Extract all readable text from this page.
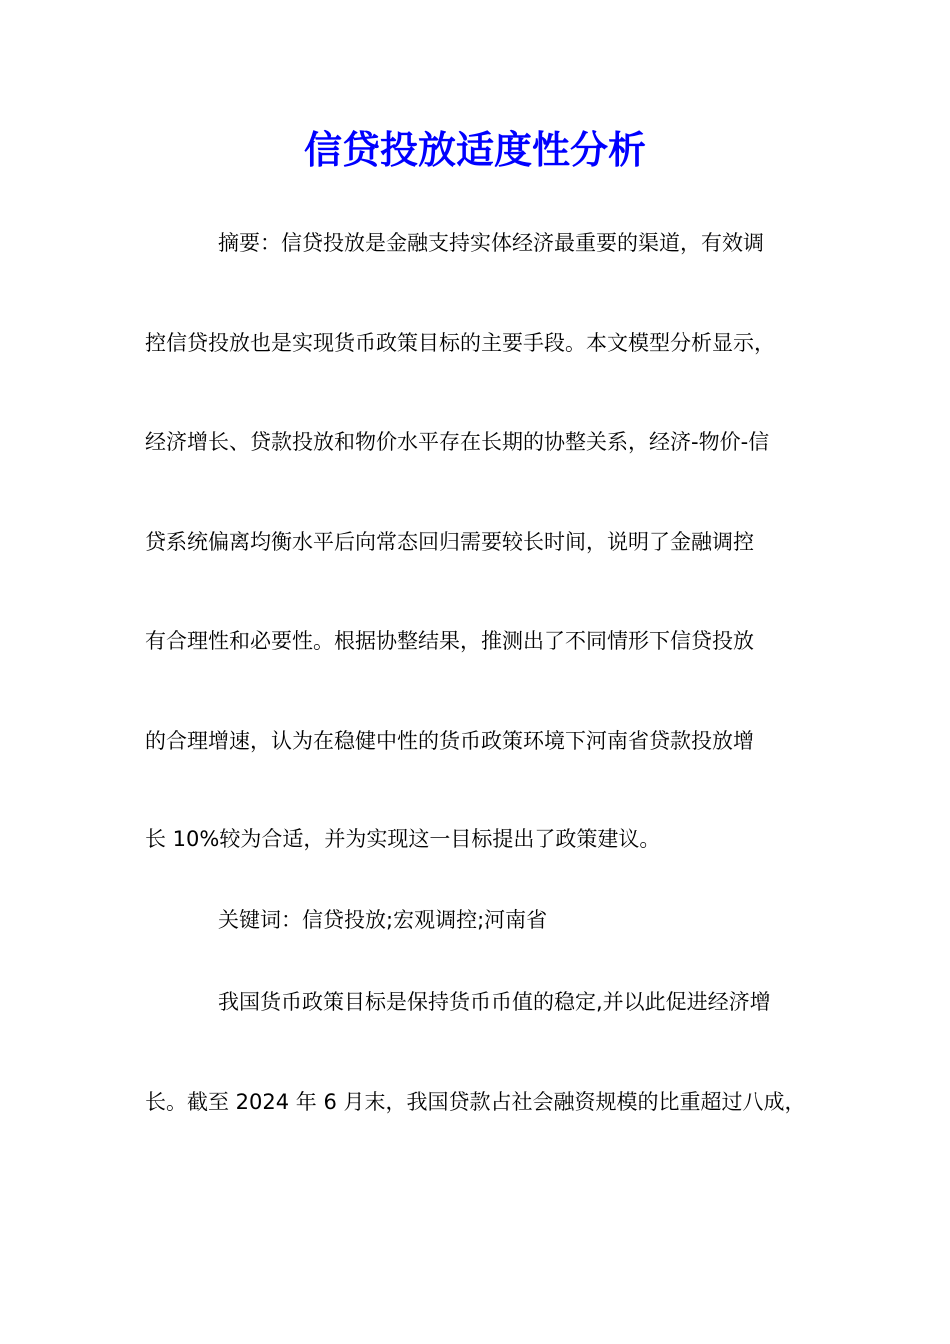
信贷投放适度性分析
摘要：信贷投放是金融支持实体经济最重要的渠道，有效调
控信贷投放也是实现货币政策目标的主要手段。本文模型分析显示，
经济增长、贷款投放和物价水平存在长期的协整关系，经济-物价-信
贷系统偏离均衡水平后向常态回归需要较长时间，说明了金融调控
有合理性和必要性。根据协整结果，推测出了不同情形下信贷投放
的合理增速，认为在稳健中性的货币政策环境下河南省贷款投放增
长 10%较为合适，并为实现这一目标提出了政策建议。
关键词：信贷投放;宏观调控;河南省
我国货币政策目标是保持货币币值的稳定,并以此促进经济增
长。截至 2024 年 6 月末，我国贷款占社会融资规模的比重超过八成，
